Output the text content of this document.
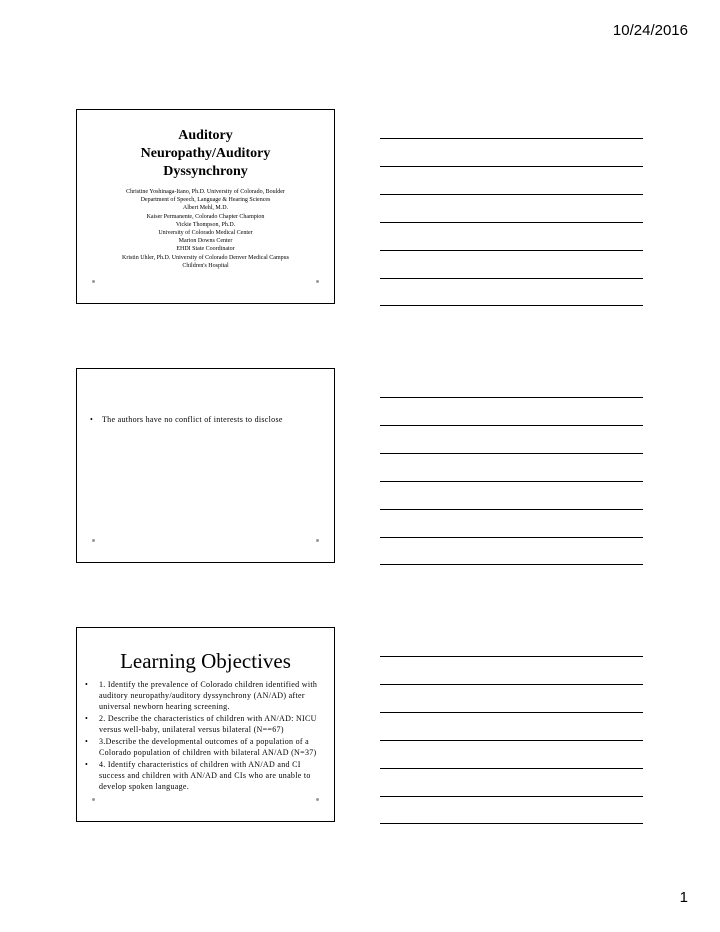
10/24/2016
Auditory
Neuropathy/Auditory
Dyssynchrony
Christine Yoshinaga-Itano, Ph.D. University of Colorado, Boulder
Department of Speech, Language & Hearing Sciences
Albert Mehl, M.D.
Kaiser Permanente, Colorado Chapter Champion
Vickie Thompson, Ph.D.
University of Colorado Medical Center
Marion Downs Center
EHDI State Coordinator
Kristin Uhler, Ph.D. University of Colorado Denver Medical Campus
Children's Hospital
• The authors have no conflict of interests to disclose
Learning Objectives
• 1. Identify the prevalence of Colorado children identified with auditory neuropathy/auditory dyssynchrony (AN/AD) after universal newborn hearing screening.
• 2. Describe the characteristics of children with AN/AD: NICU versus well-baby, unilateral versus bilateral (N==67)
• 3.Describe the developmental outcomes of a population of a Colorado population of children with bilateral AN/AD (N=37)
• 4. Identify characteristics of children with AN/AD and CI success and children with AN/AD and CIs who are unable to develop spoken language.
1
